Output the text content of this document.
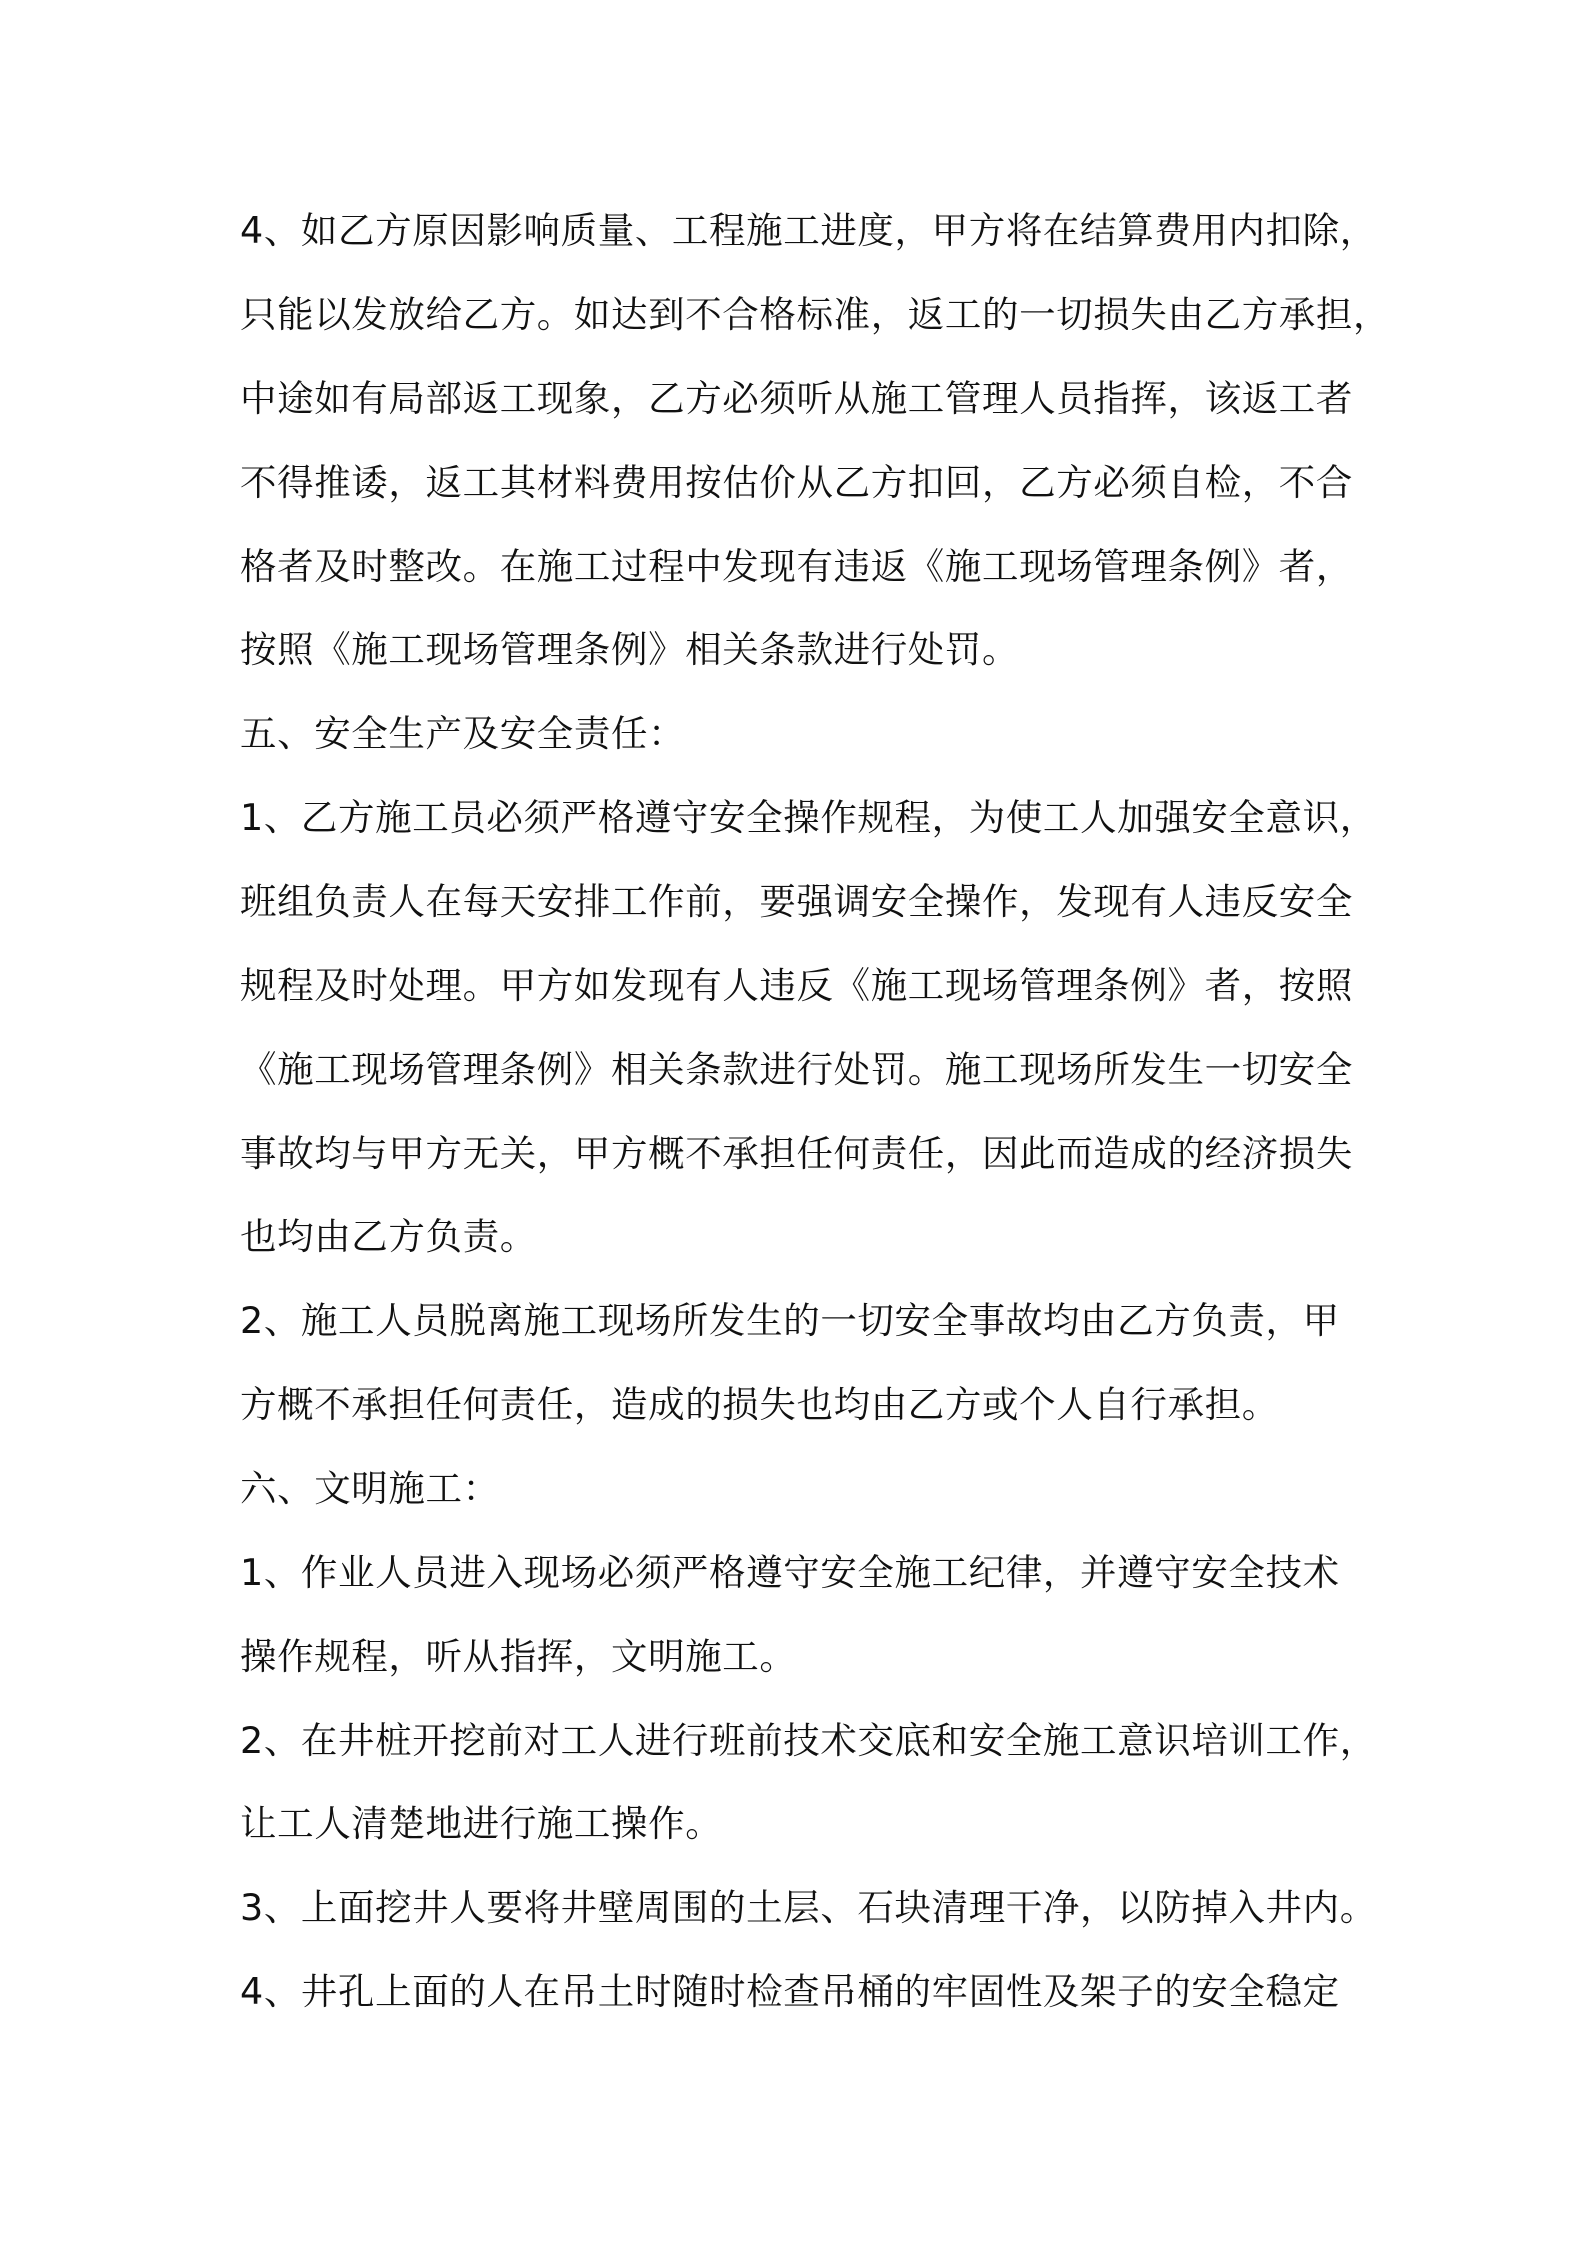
4、如乙方原因影响质量、工程施工进度，甲方将在结算费用内扣除，
只能以发放给乙方。如达到不合格标准，返工的一切损失由乙方承担，
中途如有局部返工现象，乙方必须听从施工管理人员指挥，该返工者
不得推诿，返工其材料费用按估价从乙方扣回，乙方必须自检，不合
格者及时整改。在施工过程中发现有违返《施工现场管理条例》者，
按照《施工现场管理条例》相关条款进行处罚。
五、安全生产及安全责任：
1、乙方施工员必须严格遵守安全操作规程，为使工人加强安全意识，
班组负责人在每天安排工作前，要强调安全操作，发现有人违反安全
规程及时处理。甲方如发现有人违反《施工现场管理条例》者，按照
《施工现场管理条例》相关条款进行处罚。施工现场所发生一切安全
事故均与甲方无关，甲方概不承担任何责任，因此而造成的经济损失
也均由乙方负责。
2、施工人员脱离施工现场所发生的一切安全事故均由乙方负责，甲
方概不承担任何责任，造成的损失也均由乙方或个人自行承担。
六、文明施工：
1、作业人员进入现场必须严格遵守安全施工纪律，并遵守安全技术
操作规程，听从指挥，文明施工。
2、在井桩开挖前对工人进行班前技术交底和安全施工意识培训工作，
让工人清楚地进行施工操作。
3、上面挖井人要将井壁周围的土层、石块清理干净，以防掉入井内。
4、井孔上面的人在吊土时随时检查吊桶的牢固性及架子的安全稳定
